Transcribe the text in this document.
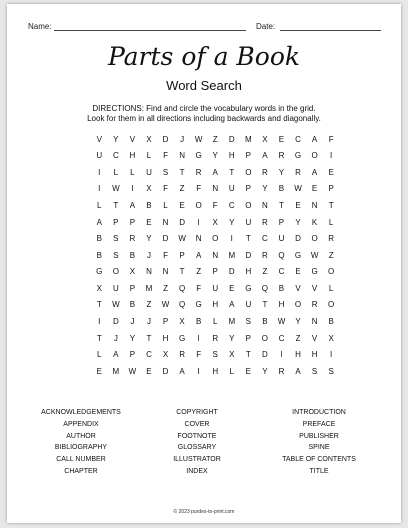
Name:	Date:
Parts of a Book
Word Search
DIRECTIONS: Find and circle the vocabulary words in the grid.
Look for them in all directions including backwards and diagonally.
V	Y	V	X	D	J	W	Z	D	M	X	E	C	A	F
U	C	H	L	F	N	G	Y	H	P	A	R	G	O	I
I	L	L	U	S	T	R	A	T	O	R	Y	R	A	E
I	W	I	X	F	Z	F	N	U	P	Y	B	W	E	P
L	T	A	B	L	E	O	F	C	O	N	T	E	N	T
A	P	P	E	N	D	I	X	Y	U	R	P	Y	K	L
B	S	R	Y	D	W	N	O	I	T	C	U	D	O	R
B	S	B	J	F	P	A	N	M	D	R	Q	G	W	Z
G	O	X	N	N	T	Z	P	D	H	Z	C	E	G	O
X	U	P	M	Z	Q	F	U	E	G	Q	B	V	V	L
T	W	B	Z	W	Q	G	H	A	U	T	H	O	R	O
I	D	J	J	P	X	B	L	M	S	B	W	Y	N	B
T	J	Y	T	H	G	I	R	Y	P	O	C	Z	V	X
L	A	P	C	X	R	F	S	X	T	D	I	H	H	I
E	M	W	E	D	A	I	H	L	E	Y	R	A	S	S
ACKNOWLEDGEMENTS
APPENDIX
AUTHOR
BIBLIOGRAPHY
CALL NUMBER
CHAPTER
COPYRIGHT
COVER
FOOTNOTE
GLOSSARY
ILLUSTRATOR
INDEX
INTRODUCTION
PREFACE
PUBLISHER
SPINE
TABLE OF CONTENTS
TITLE
© 2023 purdes-to-print.com
